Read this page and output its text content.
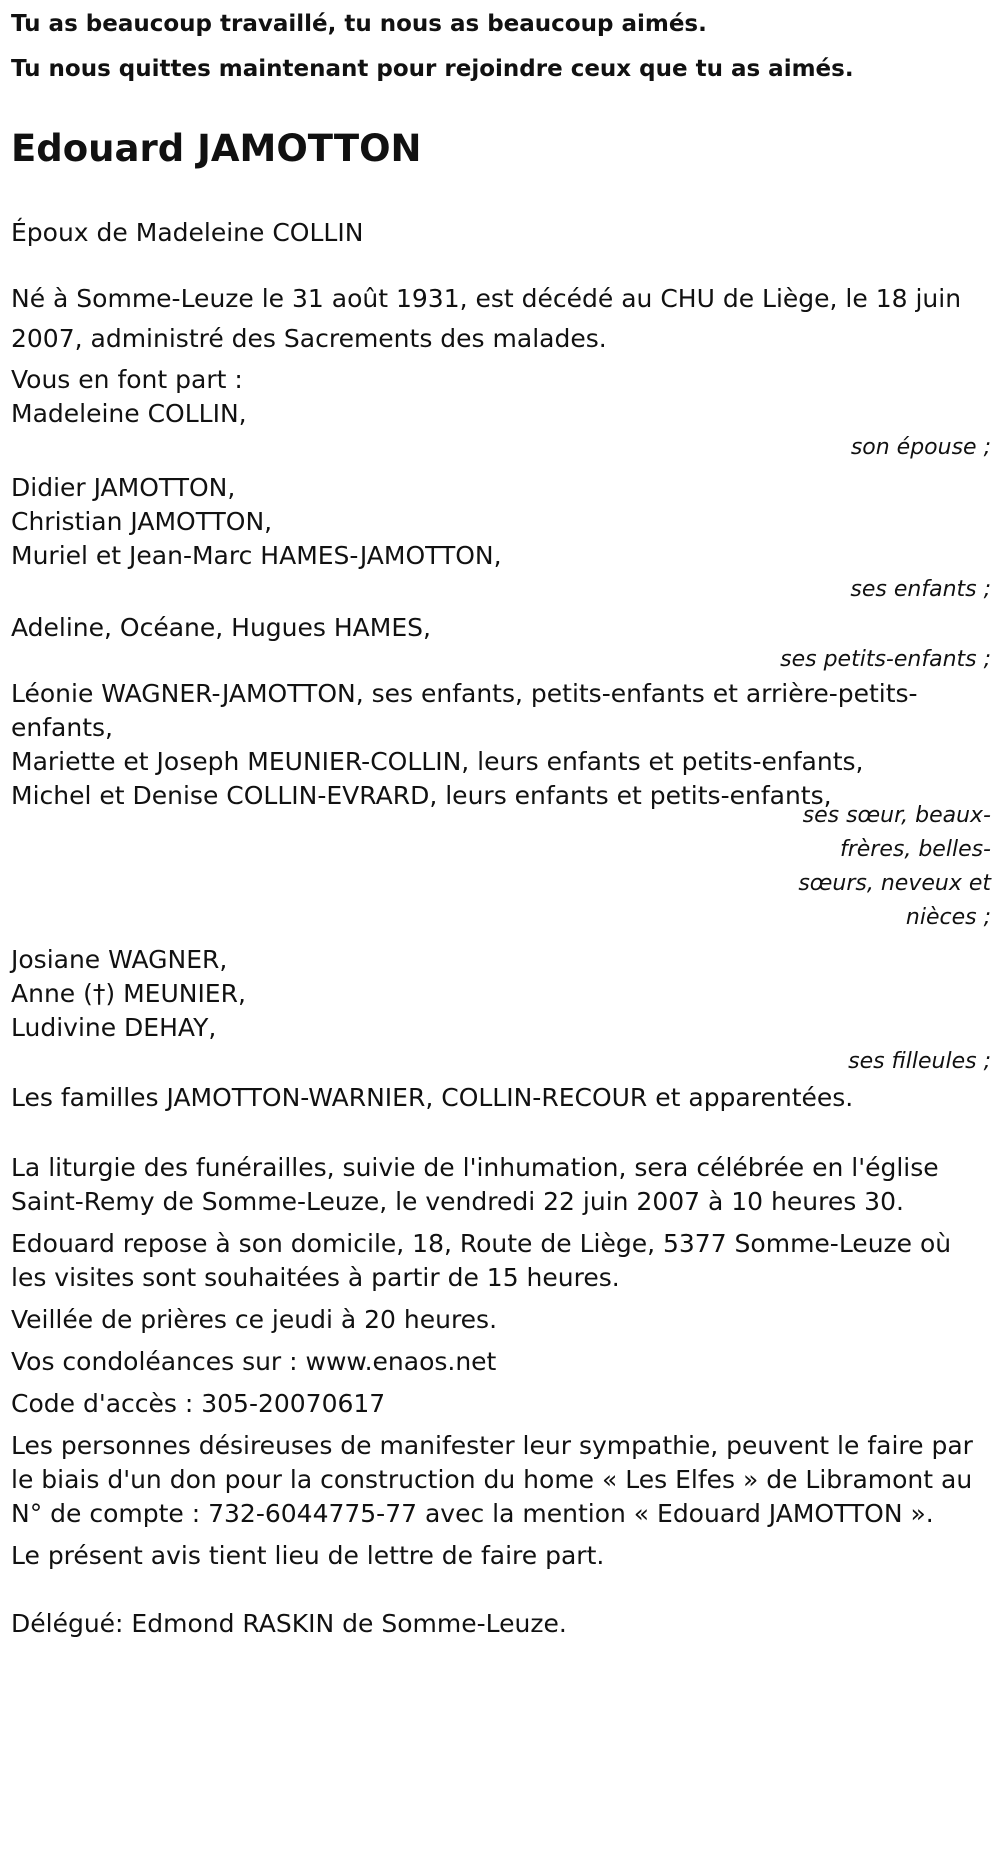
Tu as beaucoup travaillé, tu nous as beaucoup aimés.
Tu nous quittes maintenant pour rejoindre ceux que tu as aimés.
Edouard JAMOTTON
Époux de Madeleine COLLIN
Né à Somme-Leuze le 31 août 1931, est décédé au CHU de Liège, le 18 juin 2007, administré des Sacrements des malades.
Vous en font part :
Madeleine COLLIN,
son épouse ;
Didier JAMOTTON,
Christian JAMOTTON,
Muriel et Jean-Marc HAMES-JAMOTTON,
ses enfants ;
Adeline, Océane, Hugues HAMES,
ses petits-enfants ;
Léonie WAGNER-JAMOTTON, ses enfants, petits-enfants et arrière-petits-enfants,
Mariette et Joseph MEUNIER-COLLIN, leurs enfants et petits-enfants,
Michel et Denise COLLIN-EVRARD, leurs enfants et petits-enfants,
ses sœur, beaux-frères, belles-sœurs, neveux et nièces ;
Josiane WAGNER,
Anne (†) MEUNIER,
Ludivine DEHAY,
ses filleules ;
Les familles JAMOTTON-WARNIER, COLLIN-RECOUR et apparentées.
La liturgie des funérailles, suivie de l'inhumation, sera célébrée en l'église Saint-Remy de Somme-Leuze, le vendredi 22 juin 2007 à 10 heures 30.
Edouard repose à son domicile, 18, Route de Liège, 5377 Somme-Leuze où les visites sont souhaitées à partir de 15 heures.
Veillée de prières ce jeudi à 20 heures.
Vos condoléances sur : www.enaos.net
Code d'accès : 305-20070617
Les personnes désireuses de manifester leur sympathie, peuvent le faire par le biais d'un don pour la construction du home « Les Elfes » de Libramont au N° de compte : 732-6044775-77 avec la mention « Edouard JAMOTTON ».
Le présent avis tient lieu de lettre de faire part.
Délégué: Edmond RASKIN de Somme-Leuze.
